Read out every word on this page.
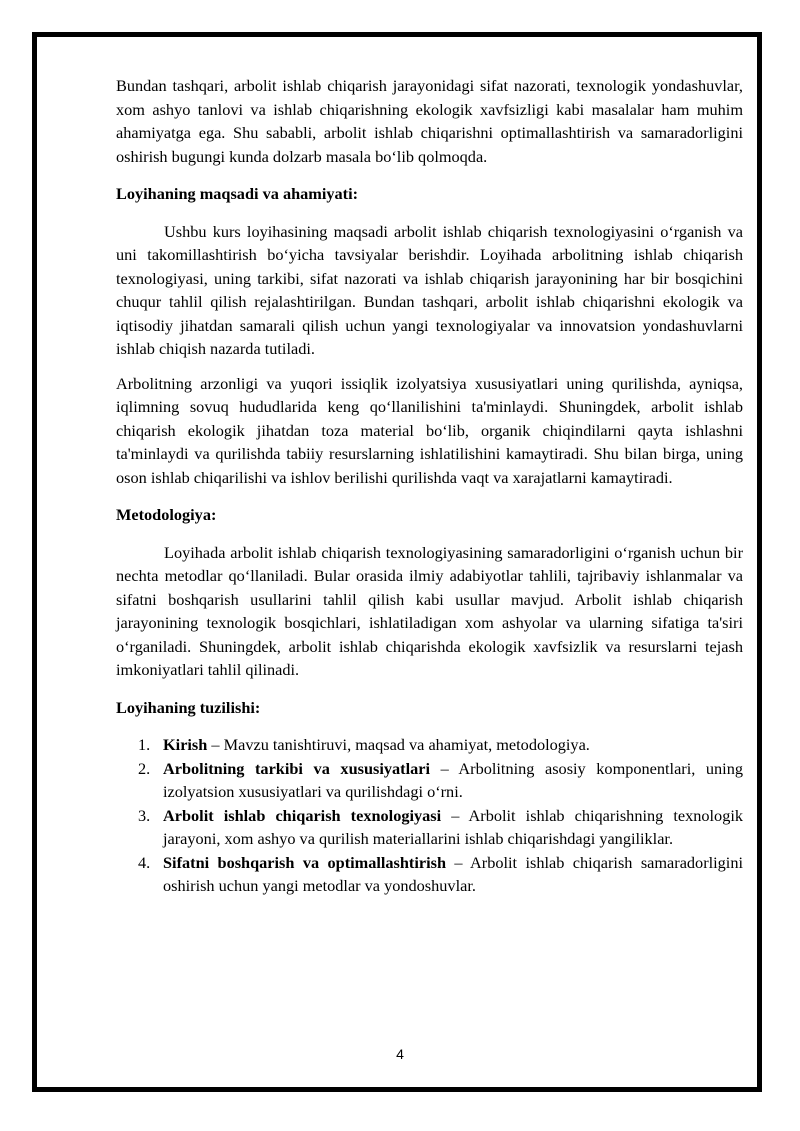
Bundan tashqari, arbolit ishlab chiqarish jarayonidagi sifat nazorati, texnologik yondashuvlar, xom ashyo tanlovi va ishlab chiqarishning ekologik xavfsizligi kabi masalalar ham muhim ahamiyatga ega. Shu sababli, arbolit ishlab chiqarishni optimallashtirish va samaradorligini oshirish bugungi kunda dolzarb masala bo‘lib qolmoqda.

Loyihaning maqsadi va ahamiyati:

Ushbu kurs loyihasining maqsadi arbolit ishlab chiqarish texnologiyasini o‘rganish va uni takomillashtirish bo‘yicha tavsiyalar berishdir. Loyihada arbolitning ishlab chiqarish texnologiyasi, uning tarkibi, sifat nazorati va ishlab chiqarish jarayonining har bir bosqichini chuqur tahlil qilish rejalashtirilgan. Bundan tashqari, arbolit ishlab chiqarishni ekologik va iqtisodiy jihatdan samarali qilish uchun yangi texnologiyalar va innovatsion yondashuvlarni ishlab chiqish nazarda tutiladi.

Arbolitning arzonligi va yuqori issiqlik izolyatsiya xususiyatlari uning qurilishda, ayniqsa, iqlimning sovuq hududlarida keng qo‘llanilishini ta'minlaydi. Shuningdek, arbolit ishlab chiqarish ekologik jihatdan toza material bo‘lib, organik chiqindilarni qayta ishlashni ta'minlaydi va qurilishda tabiiy resurslarning ishlatilishini kamaytiradi. Shu bilan birga, uning oson ishlab chiqarilishi va ishlov berilishi qurilishda vaqt va xarajatlarni kamaytiradi.

Metodologiya:

Loyihada arbolit ishlab chiqarish texnologiyasining samaradorligini o‘rganish uchun bir nechta metodlar qo‘llaniladi. Bular orasida ilmiy adabiyotlar tahlili, tajribaviy ishlanmalar va sifatni boshqarish usullarini tahlil qilish kabi usullar mavjud. Arbolit ishlab chiqarish jarayonining texnologik bosqichlari, ishlatiladigan xom ashyolar va ularning sifatiga ta'siri o‘rganiladi. Shuningdek, arbolit ishlab chiqarishda ekologik xavfsizlik va resurslarni tejash imkoniyatlari tahlil qilinadi.

Loyihaning tuzilishi:
1. Kirish – Mavzu tanishtiruvi, maqsad va ahamiyat, metodologiya.
2. Arbolitning tarkibi va xususiyatlari – Arbolitning asosiy komponentlari, uning izolyatsion xususiyatlari va qurilishdagi o‘rni.
3. Arbolit ishlab chiqarish texnologiyasi – Arbolit ishlab chiqarishning texnologik jarayoni, xom ashyo va qurilish materiallarini ishlab chiqarishdagi yangiliklar.
4. Sifatni boshqarish va optimallashtirish – Arbolit ishlab chiqarish samaradorligini oshirish uchun yangi metodlar va yondoshuvlar.
4
